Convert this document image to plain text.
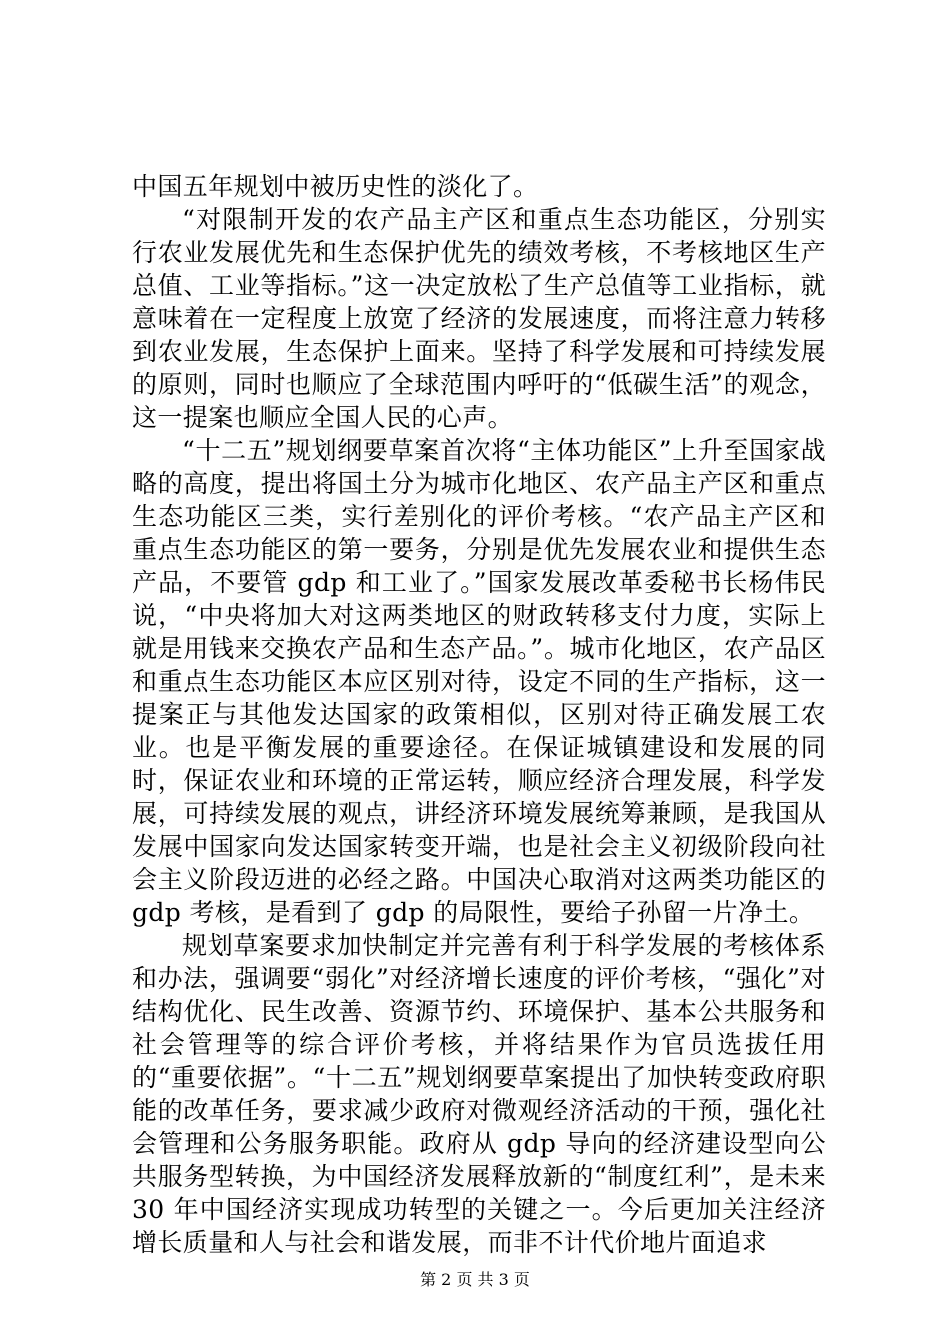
中国五年规划中被历史性的淡化了。

“对限制开发的农产品主产区和重点生态功能区，分别实行农业发展优先和生态保护优先的绩效考核，不考核地区生产总值、工业等指标。”这一决定放松了生产总值等工业指标，就意味着在一定程度上放宽了经济的发展速度，而将注意力转移到农业发展，生态保护上面来。坚持了科学发展和可持续发展的原则，同时也顺应了全球范围内呼吁的“低碳生活”的观念，这一提案也顺应全国人民的心声。

“十二五”规划纲要草案首次将“主体功能区”上升至国家战略的高度，提出将国土分为城市化地区、农产品主产区和重点生态功能区三类，实行差别化的评价考核。“农产品主产区和重点生态功能区的第一要务，分别是优先发展农业和提供生态产品，不要管 gdp 和工业了。”国家发展改革委秘书长杨伟民说，“中央将加大对这两类地区的财政转移支付力度，实际上就是用钱来交换农产品和生态产品。”。城市化地区，农产品区和重点生态功能区本应区别对待，设定不同的生产指标，这一提案正与其他发达国家的政策相似，区别对待正确发展工农业。也是平衡发展的重要途径。在保证城镇建设和发展的同时，保证农业和环境的正常运转，顺应经济合理发展，科学发展，可持续发展的观点，讲经济环境发展统筹兼顾，是我国从发展中国家向发达国家转变开端，也是社会主义初级阶段向社会主义阶段迈进的必经之路。中国决心取消对这两类功能区的 gdp 考核，是看到了 gdp 的局限性，要给子孙留一片净土。

规划草案要求加快制定并完善有利于科学发展的考核体系和办法，强调要“弱化”对经济增长速度的评价考核，“强化”对结构优化、民生改善、资源节约、环境保护、基本公共服务和社会管理等的综合评价考核，并将结果作为官员选拔任用的“重要依据”。“十二五”规划纲要草案提出了加快转变政府职能的改革任务，要求减少政府对微观经济活动的干预，强化社会管理和公务服务职能。政府从 gdp 导向的经济建设型向公共服务型转换，为中国经济发展释放新的“制度红利”，是未来 30 年中国经济实现成功转型的关键之一。今后更加关注经济增长质量和人与社会和谐发展，而非不计代价地片面追求

第 2 页 共 3 页
